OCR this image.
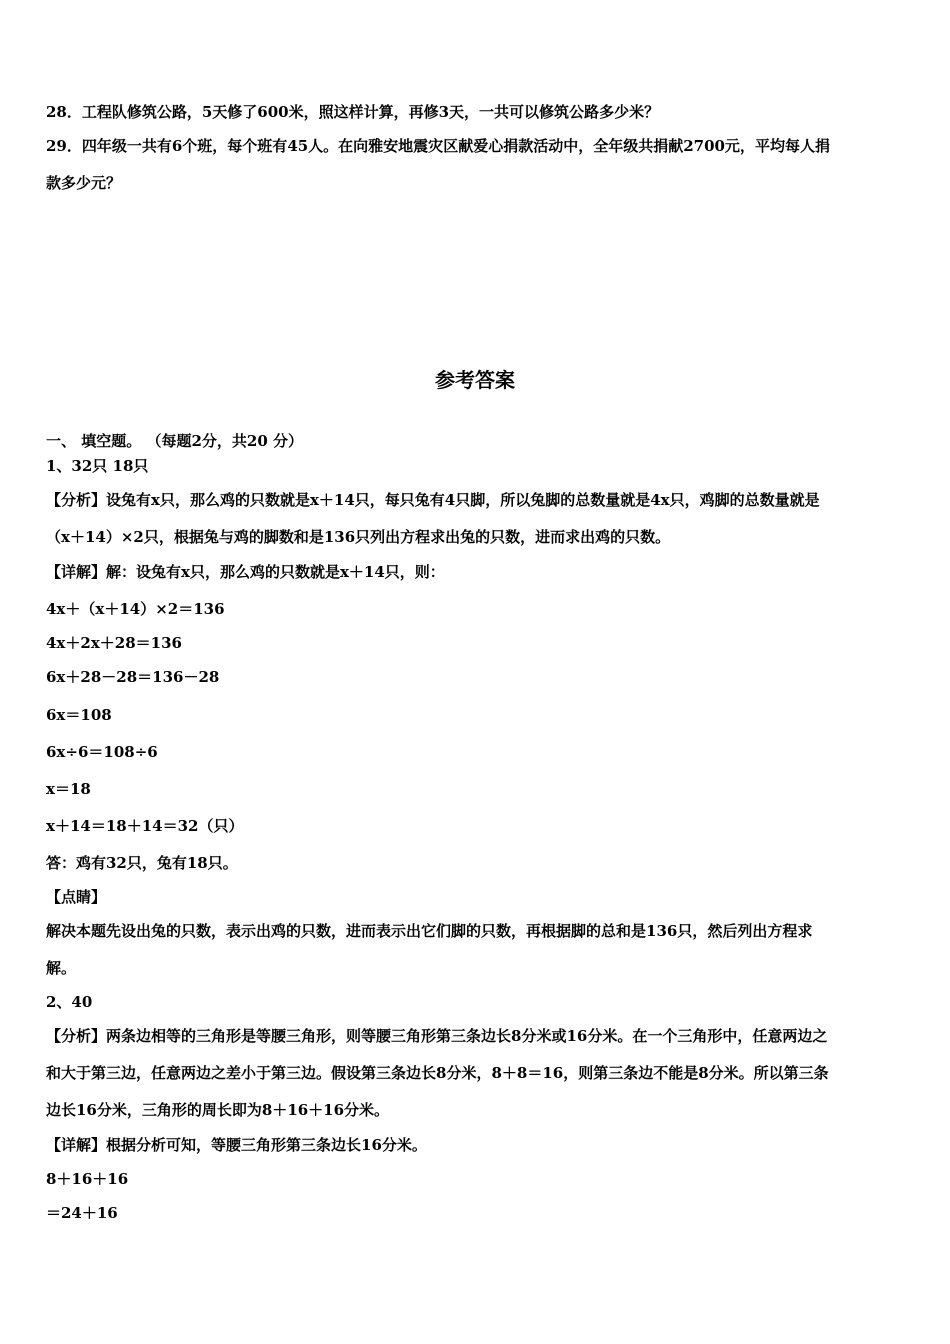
28．工程队修筑公路，5天修了600米，照这样计算，再修3天，一共可以修筑公路多少米？
29．四年级一共有6个班，每个班有45人。在向雅安地震灾区献爱心捐款活动中，全年级共捐献2700元，平均每人捐
款多少元？
参考答案
一、 填空题。 （每题2分，共20 分）
1、32只 18只
【分析】设兔有x只，那么鸡的只数就是x＋14只，每只兔有4只脚，所以兔脚的总数量就是4x只，鸡脚的总数量就是
（x＋14）×2只，根据兔与鸡的脚数和是136只列出方程求出兔的只数，进而求出鸡的只数。
【详解】解：设兔有x只，那么鸡的只数就是x＋14只，则：
4x＋（x＋14）×2＝136
4x＋2x＋28＝136
6x＋28－28＝136－28
6x＝108
6x÷6＝108÷6
x＝18
x＋14＝18＋14＝32（只）
答：鸡有32只，兔有18只。
【点睛】
解决本题先设出兔的只数，表示出鸡的只数，进而表示出它们脚的只数，再根据脚的总和是136只，然后列出方程求
解。
2、40
【分析】两条边相等的三角形是等腰三角形，则等腰三角形第三条边长8分米或16分米。在一个三角形中，任意两边之
和大于第三边，任意两边之差小于第三边。假设第三条边长8分米，8＋8＝16，则第三条边不能是8分米。所以第三条
边长16分米，三角形的周长即为8＋16＋16分米。
【详解】根据分析可知，等腰三角形第三条边长16分米。
8＋16＋16
＝24＋16
